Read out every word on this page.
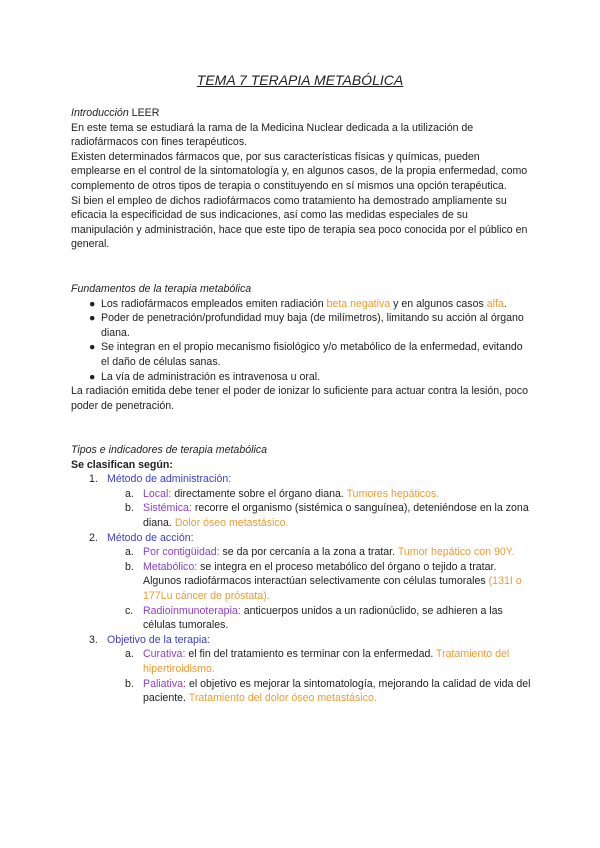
TEMA 7 TERAPIA METABÓLICA

Introducción LEER

En este tema se estudiará la rama de la Medicina Nuclear dedicada a la utilización de radiofármacos con fines terapéuticos.

Existen determinados fármacos que, por sus características físicas y químicas, pueden emplearse en el control de la sintomatología y, en algunos casos, de la propia enfermedad, como complemento de otros tipos de terapia o constituyendo en sí mismos una opción terapéutica.

Si bien el empleo de dichos radiofármacos como tratamiento ha demostrado ampliamente su eficacia la especificidad de sus indicaciones, así como las medidas especiales de su manipulación y administración, hace que este tipo de terapia sea poco conocida por el público en general.

Fundamentos de la terapia metabólica

● Los radiofármacos empleados emiten radiación beta negativa y en algunos casos alfa.
● Poder de penetración/profundidad muy baja (de milímetros), limitando su acción al órgano diana.
● Se integran en el propio mecanismo fisiológico y/o metabólico de la enfermedad, evitando el daño de células sanas.
● La vía de administración es intravenosa u oral.

La radiación emitida debe tener el poder de ionizar lo suficiente para actuar contra la lesión, poco poder de penetración.

Tipos e indicadores de terapia metabólica

Se clasifican según:

1. Método de administración:
a. Local: directamente sobre el órgano diana. Tumores hepáticos.
b. Sistémica: recorre el organismo (sistémica o sanguínea), deteniéndose en la zona diana. Dolor óseo metastásico.
2. Método de acción:
a. Por contigüidad: se da por cercanía a la zona a tratar. Tumor hepático con 90Y.
b. Metabólico: se integra en el proceso metabólico del órgano o tejido a tratar. Algunos radiofármacos interactúan selectivamente con células tumorales (131I o 177Lu cáncer de próstata).
c. Radioinmunoterapia: anticuerpos unidos a un radionúclido, se adhieren a las células tumorales.
3. Objetivo de la terapia:
a. Curativa: el fin del tratamiento es terminar con la enfermedad. Tratamiento del hipertiroidismo.
b. Paliativa: el objetivo es mejorar la sintomatología, mejorando la calidad de vida del paciente. Tratamiento del dolor óseo metastásico.
